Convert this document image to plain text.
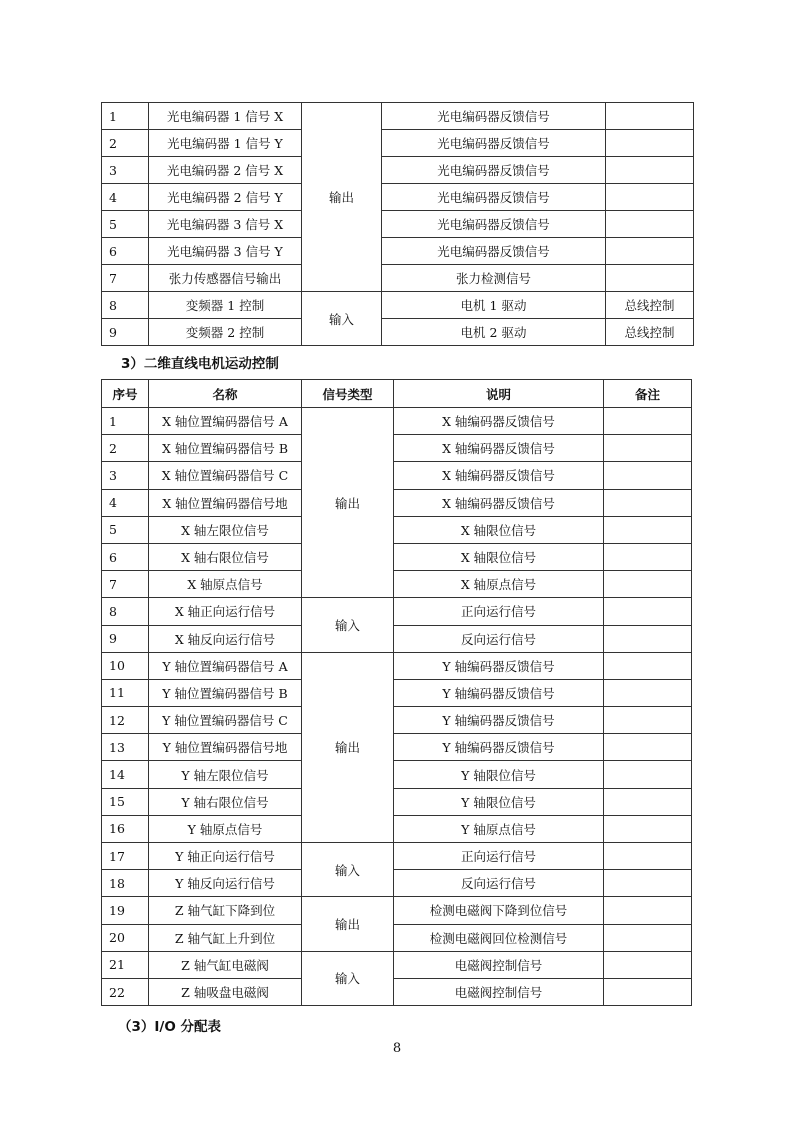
1	光电编码器 1 信号 X	输出	光电编码器反馈信号	
2	光电编码器 1 信号 Y		光电编码器反馈信号	
3	光电编码器 2 信号 X		光电编码器反馈信号	
4	光电编码器 2 信号 Y		光电编码器反馈信号	
5	光电编码器 3 信号 X		光电编码器反馈信号	
6	光电编码器 3 信号 Y		光电编码器反馈信号	
7	张力传感器信号输出		张力检测信号	
8	变频器 1 控制	输入	电机 1 驱动	总线控制
9	变频器 2 控制		电机 2 驱动	总线控制
3）二维直线电机运动控制
序号	名称	信号类型	说明	备注
1	X 轴位置编码器信号 A	输出	X 轴编码器反馈信号	
2	X 轴位置编码器信号 B		X 轴编码器反馈信号	
3	X 轴位置编码器信号 C		X 轴编码器反馈信号	
4	X 轴位置编码器信号地		X 轴编码器反馈信号	
5	X 轴左限位信号		X 轴限位信号	
6	X 轴右限位信号		X 轴限位信号	
7	X 轴原点信号		X 轴原点信号	
8	X 轴正向运行信号	输入	正向运行信号	
9	X 轴反向运行信号		反向运行信号	
10	Y 轴位置编码器信号 A	输出	Y 轴编码器反馈信号	
11	Y 轴位置编码器信号 B		Y 轴编码器反馈信号	
12	Y 轴位置编码器信号 C		Y 轴编码器反馈信号	
13	Y 轴位置编码器信号地		Y 轴编码器反馈信号	
14	Y 轴左限位信号		Y 轴限位信号	
15	Y 轴右限位信号		Y 轴限位信号	
16	Y 轴原点信号		Y 轴原点信号	
17	Y 轴正向运行信号	输入	正向运行信号	
18	Y 轴反向运行信号		反向运行信号	
19	Z 轴气缸下降到位	输出	检测电磁阀下降到位信号	
20	Z 轴气缸上升到位		检测电磁阀回位检测信号	
21	Z 轴气缸电磁阀	输入	电磁阀控制信号	
22	Z 轴吸盘电磁阀		电磁阀控制信号	
（3）I/O 分配表
8
